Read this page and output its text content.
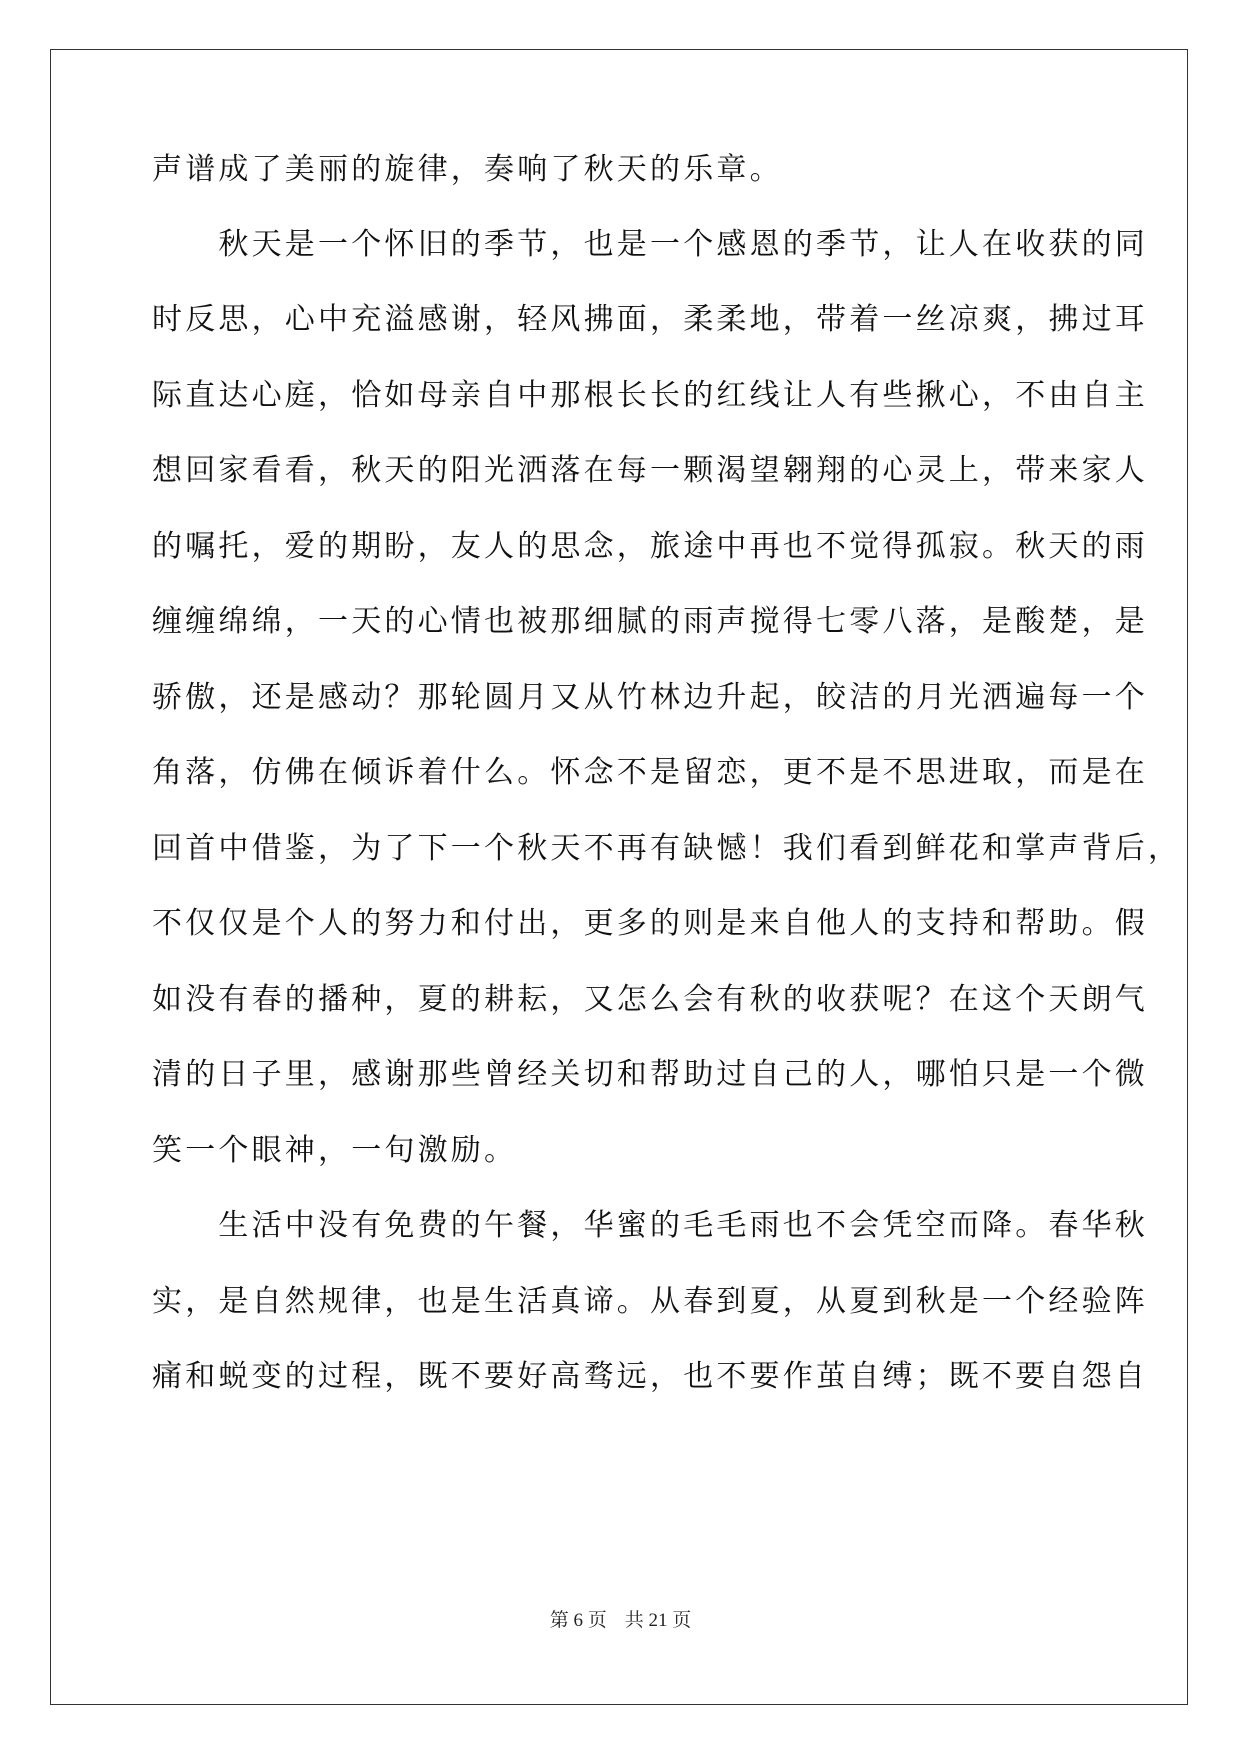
声谱成了美丽的旋律，奏响了秋天的乐章。
　　秋天是一个怀旧的季节，也是一个感恩的季节，让人在收获的同
时反思，心中充溢感谢，轻风拂面，柔柔地，带着一丝凉爽，拂过耳
际直达心庭，恰如母亲自中那根长长的红线让人有些揪心，不由自主
想回家看看，秋天的阳光洒落在每一颗渴望翱翔的心灵上，带来家人
的嘱托，爱的期盼，友人的思念，旅途中再也不觉得孤寂。秋天的雨
缠缠绵绵，一天的心情也被那细腻的雨声搅得七零八落，是酸楚，是
骄傲，还是感动？那轮圆月又从竹林边升起，皎洁的月光洒遍每一个
角落，仿佛在倾诉着什么。怀念不是留恋，更不是不思进取，而是在
回首中借鉴，为了下一个秋天不再有缺憾！我们看到鲜花和掌声背后，
不仅仅是个人的努力和付出，更多的则是来自他人的支持和帮助。假
如没有春的播种，夏的耕耘，又怎么会有秋的收获呢？在这个天朗气
清的日子里，感谢那些曾经关切和帮助过自己的人，哪怕只是一个微
笑一个眼神，一句激励。
　　生活中没有免费的午餐，华蜜的毛毛雨也不会凭空而降。春华秋
实，是自然规律，也是生活真谛。从春到夏，从夏到秋是一个经验阵
痛和蜕变的过程，既不要好高骛远，也不要作茧自缚；既不要自怨自
第 6 页 共 21 页
